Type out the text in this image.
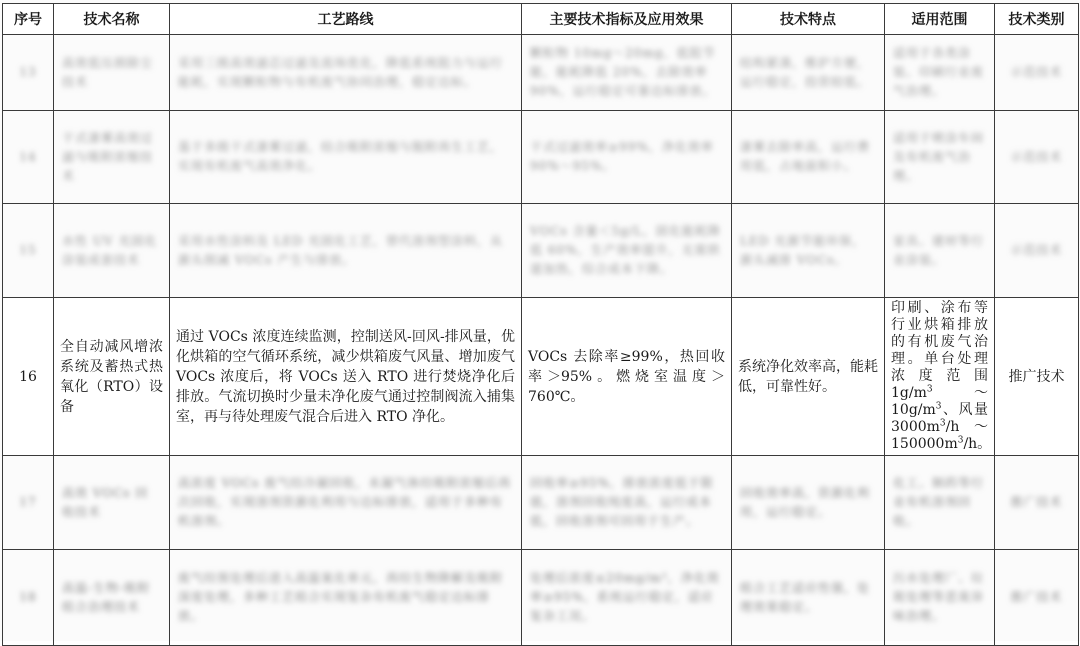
序号	技术名称	工艺路线	主要技术指标及应用效果	技术特点	适用范围	技术类别

13	高效低压损除尘技术	采用三级高效滤芯过滤及流场优化，降低系统阻力与运行能耗，实现颗粒物与有机废气协同治理，稳定达标。	颗粒物 10mg～20mg，低阻节能，能耗降低 20%，去除效率 90%，运行稳定可靠达标排放。	结构紧凑，维护方便，运行稳定，投资较低。	适用于各类涂装、印刷行业废气治理。	示范技术

14	干式漆雾高效过滤与吸附浓缩技术	基于多级干式漆雾过滤，结合吸附浓缩与脱附再生工艺，实现有机废气高效净化。	干式过滤效率≥99%，净化效率 90%～95%。	漆雾去除率高，运行费用低，占地面积小。	适用于喷涂车间及有机废气治理。	示范技术

15	水性 UV 光固化涂装成套技术	采用水性涂料及 LED 光固化工艺，替代溶剂型涂料，从源头削减 VOCs 产生与排放。	VOCs 含量＜5g/L，固化能耗降低 60%，生产效率提升，无需烘道加热，综合成本下降。	LED 光源节能环保，源头减排 VOCs。	家具、建材等行业涂装。	示范技术

16	全自动减风增浓系统及蓄热式热氧化（RTO）设备	通过 VOCs 浓度连续监测，控制送风-回风-排风量，优化烘箱的空气循环系统，减少烘箱废气风量、增加废气 VOCs 浓度后，将 VOCs 送入 RTO 进行焚烧净化后排放。气流切换时少量未净化废气通过控制阀流入捕集室，再与待处理废气混合后进入 RTO 净化。	VOCs 去除率≥99%，热回收率＞95%。燃烧室温度＞760℃。	系统净化效率高，能耗低，可靠性好。	印刷、涂布等行业烘箱排放的有机废气治理。单台处理浓度范围 $1g/m^3\sim 10g/m^3$、风量 $3000m^3/h$ $\sim 150000m^3/h$。	推广技术

17	高效 VOCs 回收技术	高浓度 VOCs 废气经冷凝回收，未凝气体经吸附浓缩后再次回收，实现溶剂资源化利用与达标排放，适用于多种有机溶剂。	回收率≥95%，排放浓度低于限值，溶剂回收纯度高，运行成本低，回收溶剂可回用于生产。	回收效率高，资源化利用，运行稳定。	化工、制药等行业有机溶剂回收。	推广技术

18	高温-生物-吸附组合治理技术	废气经预处理后进入高温氧化单元，再经生物降解及吸附深度处理，多种工艺组合实现复杂有机废气稳定达标排放。	处理后浓度≤20mg/m³，净化效率≥95%，系统运行稳定，适应复杂工况。	组合工艺适应性强，处理效果稳定。	污水处理厂、垃圾处理等恶臭异味治理。	推广技术
